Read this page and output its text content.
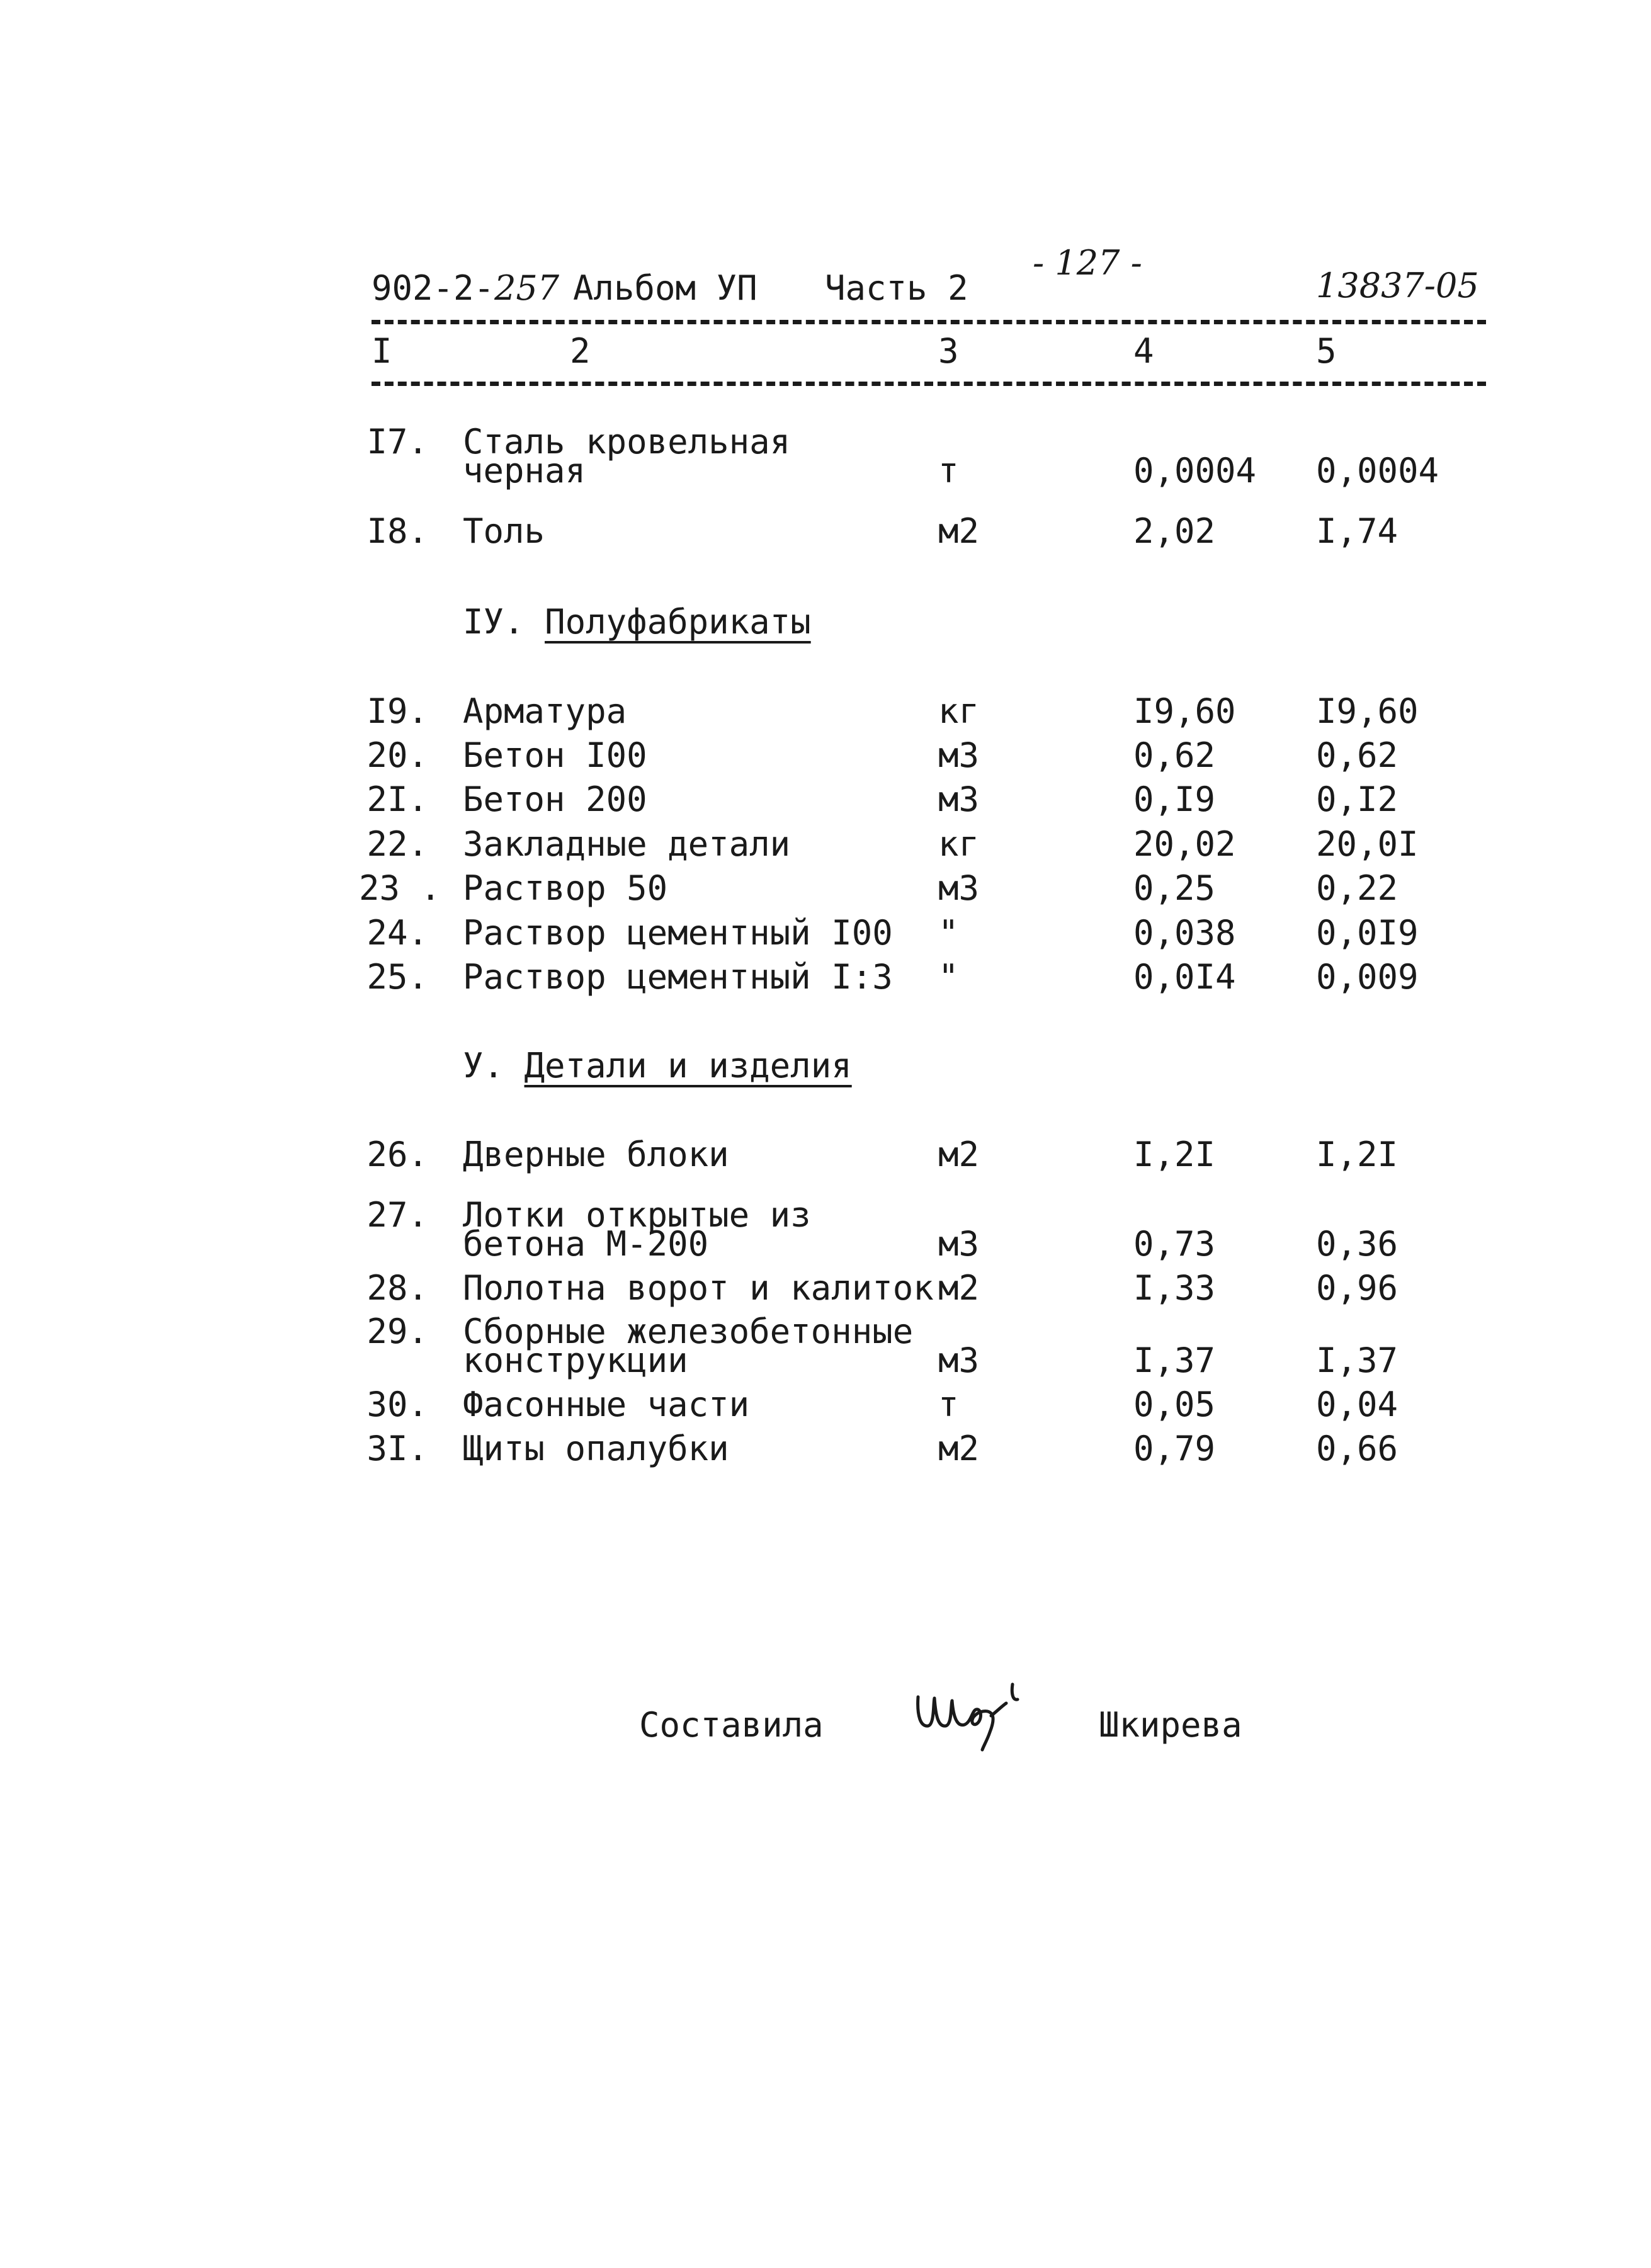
902-2-257 Альбом УП Часть 2
- 127 -
13837-05
I	2	3	4	5
I7. Сталь кровельная
черная	т	0,0004 0,0004
I8. Толь	м2	2,02	I,74
IУ. Полуфабрикаты
I9. Арматура	кг	I9,60 I9,60
20. Бетон I00	м3	0,62	0,62
2I. Бетон 200	м3	0,I9	0,I2
22. Закладные детали	кг	20,02 20,0I
23 . Раствор 50	м3	0,25	0,22
24. Раствор цементный I00 "	0,038 0,0I9
25. Раствор цементный I:3 "	0,0I4 0,009
У. Детали и изделия
26. Дверные блоки	м2	I,2I	I,2I
27. Лотки открытые из
бетона М-200	м3	0,73	0,36
28. Полотна ворот и калиток м2	I,33	0,96
29. Сборные железобетонные
конструкции	м3	I,37	I,37
30. Фасонные части	т	0,05	0,04
3I. Щиты опалубки	м2	0,79	0,66
Составила	Шкирева
